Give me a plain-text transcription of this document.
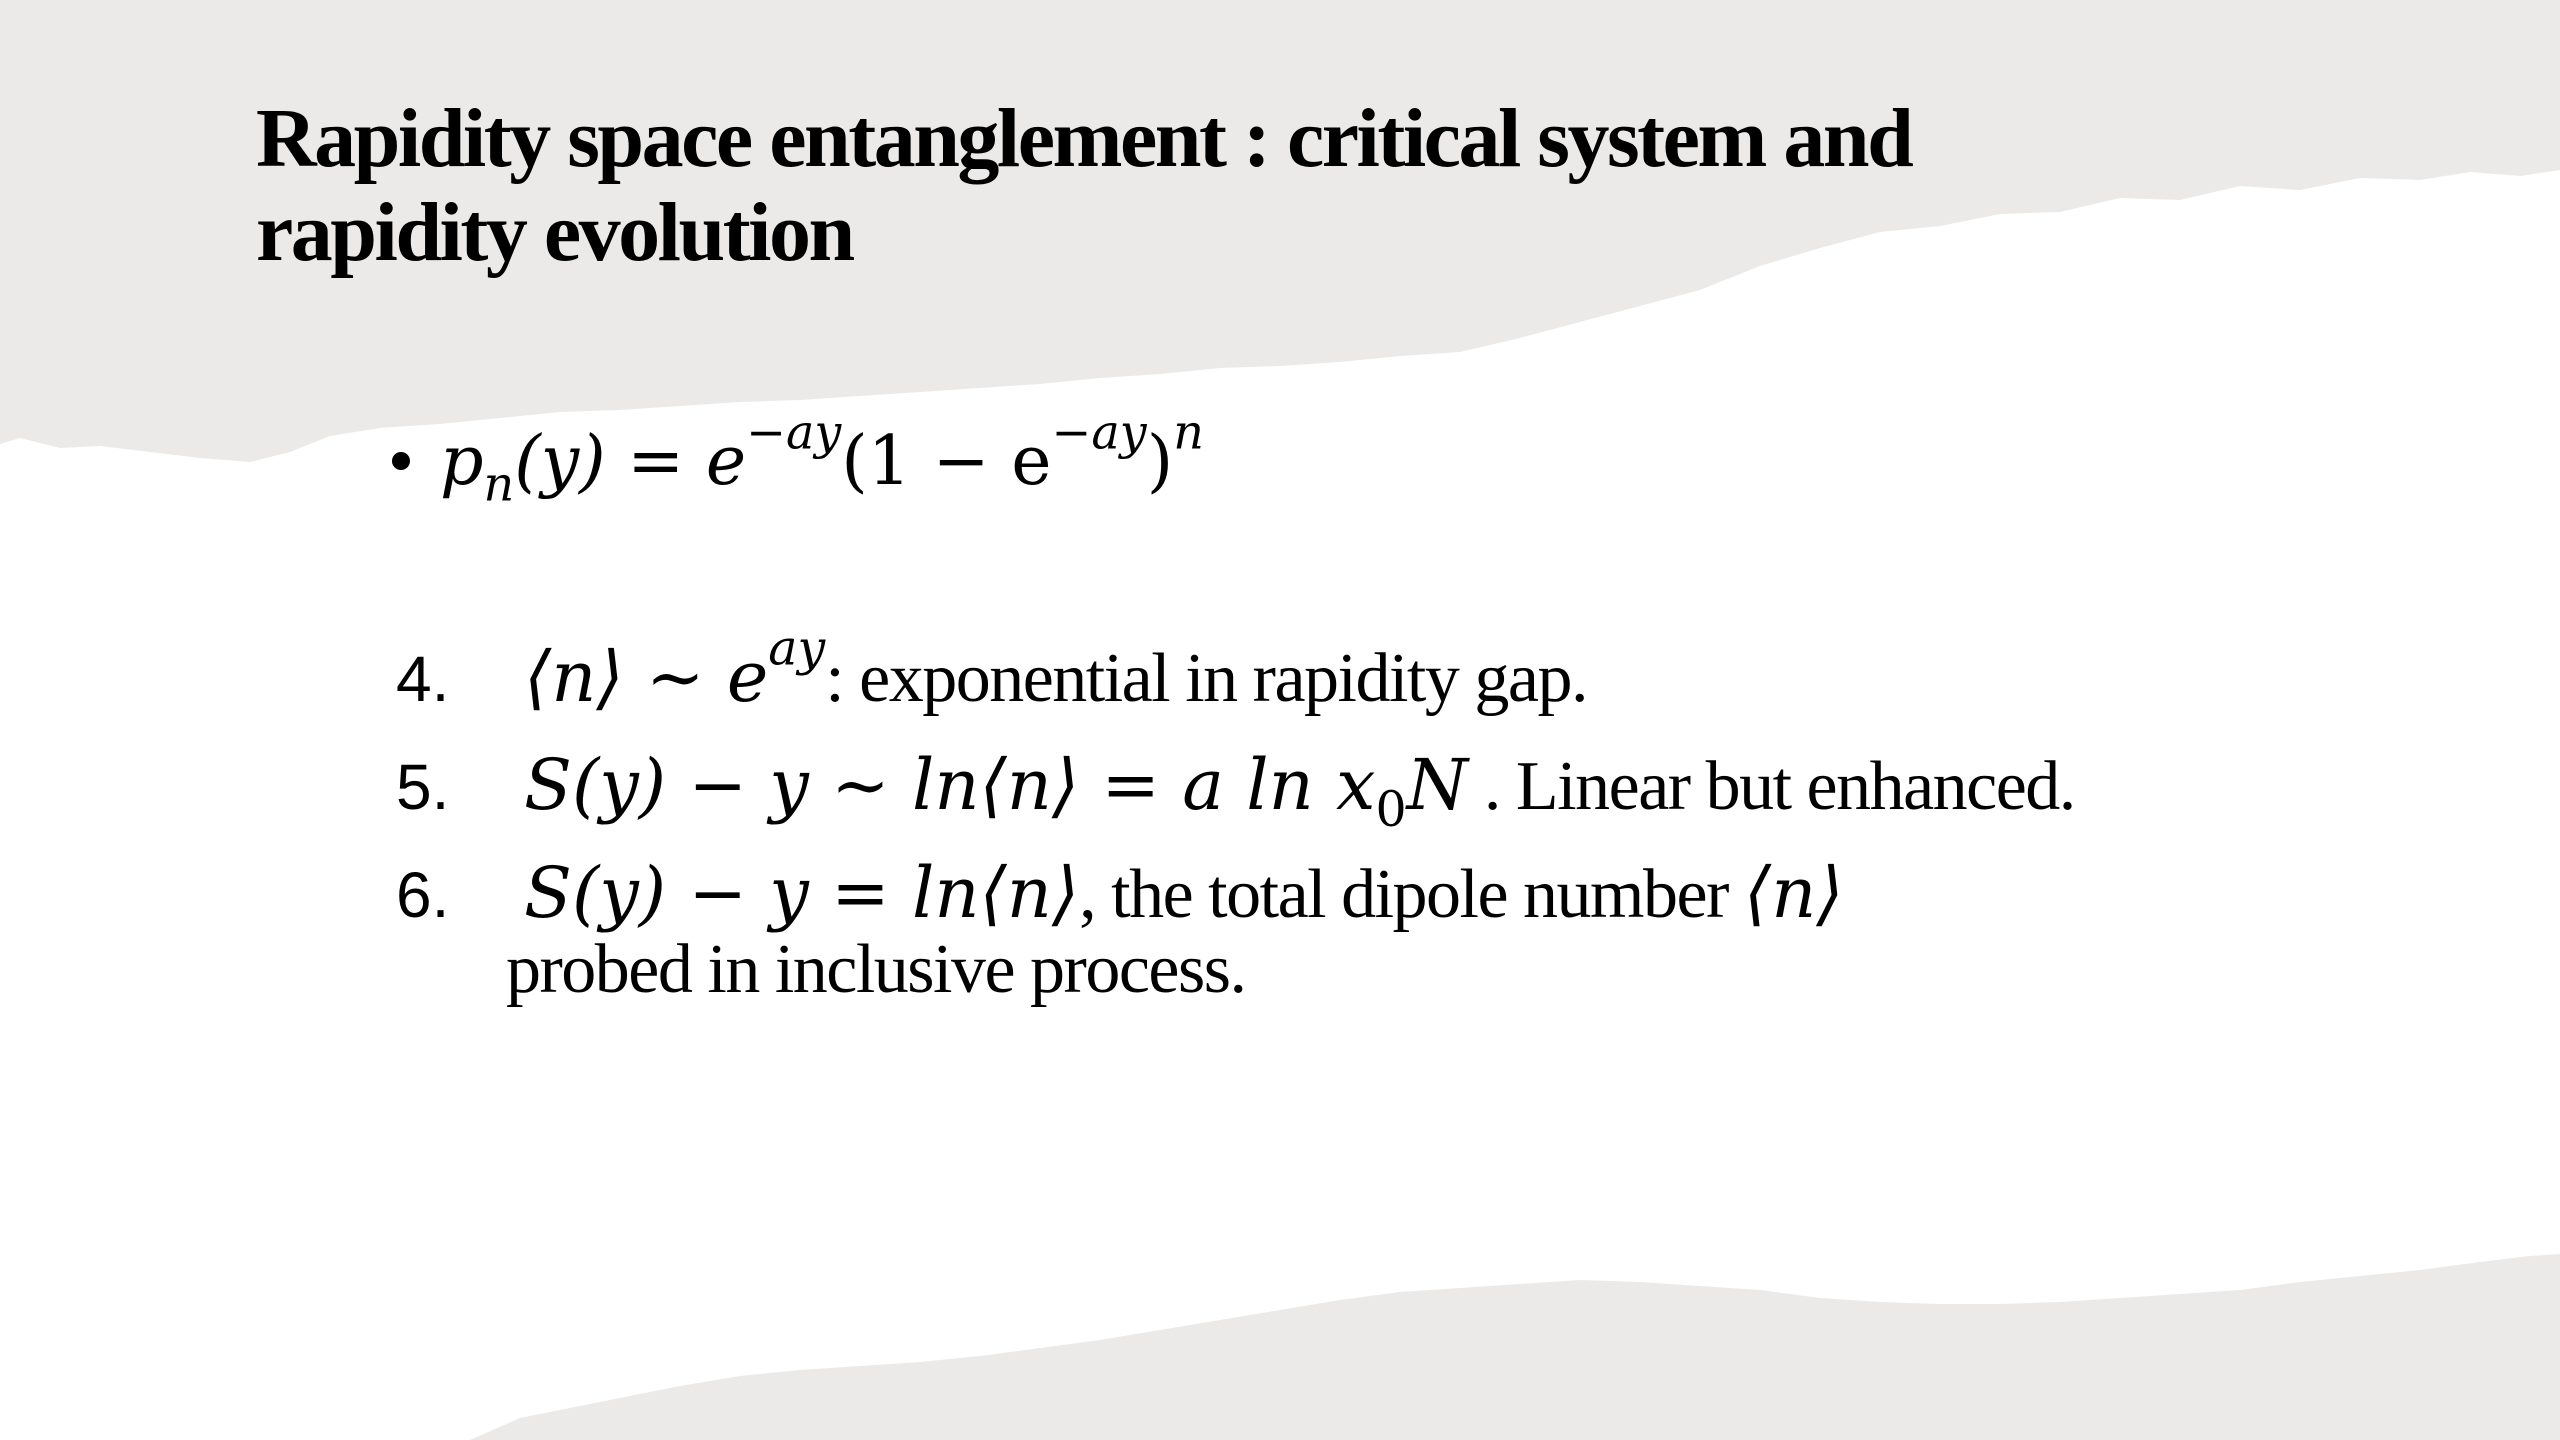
Rapidity space entanglement : critical system and
rapidity evolution
$p_n(y) = e^{-ay}(1 - e^{-ay})^n$
4. ⟨n⟩ ~ $e^{ay}$: exponential in rapidity gap.
5. S(y) − y ~ ln⟨n⟩ = a $\ln x_0N$ . Linear but enhanced.
6. S(y) − y = ln⟨n⟩, the total dipole number ⟨n⟩
probed in inclusive process.
